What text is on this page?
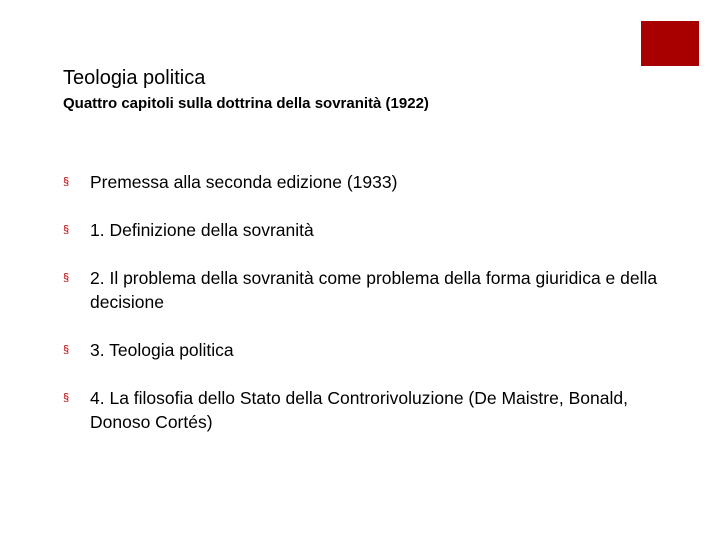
Teologia politica
Quattro capitoli sulla dottrina della sovranità (1922)
§ Premessa alla seconda edizione (1933)
§ 1. Definizione della sovranità
§ 2. Il problema della sovranità come problema della forma giuridica e della decisione
§ 3. Teologia politica
§ 4. La filosofia dello Stato della Controrivoluzione (De Maistre, Bonald, Donoso Cortés)
